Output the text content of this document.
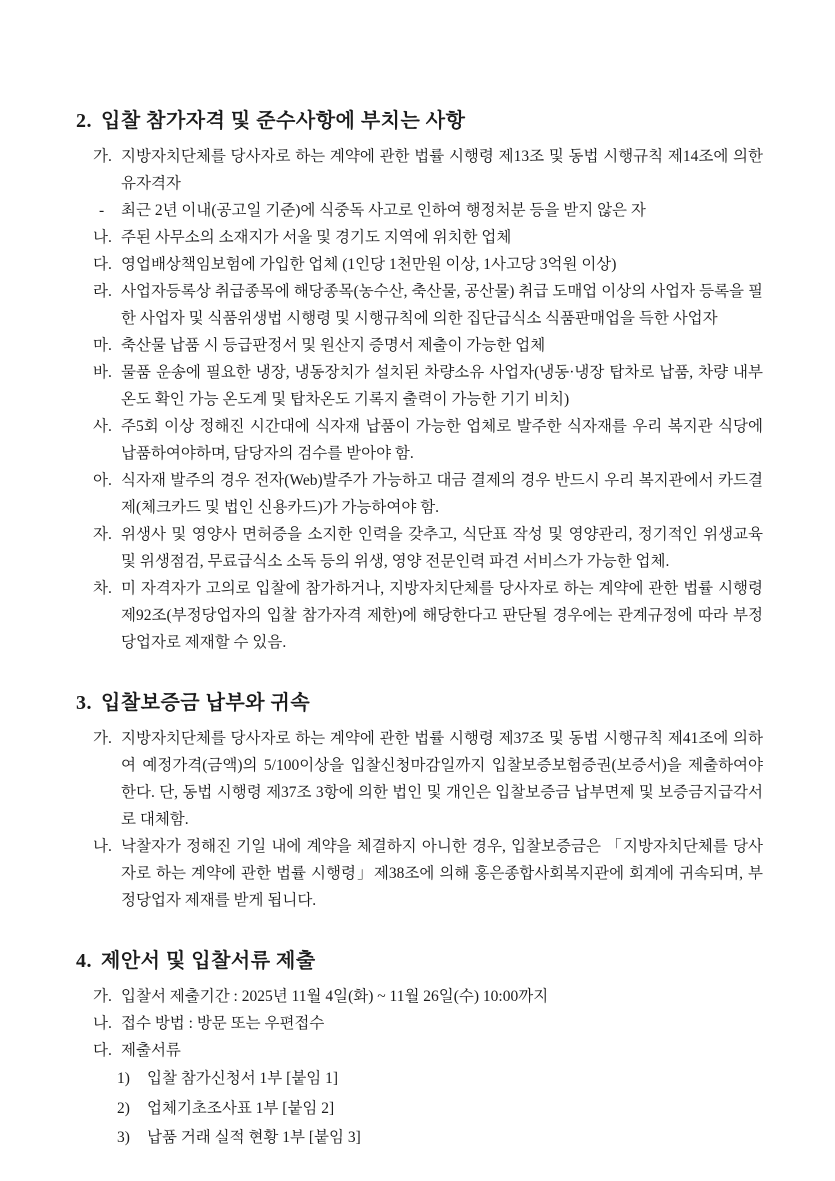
2. 입찰 참가자격 및 준수사항에 부치는 사항
가. 지방자치단체를 당사자로 하는 계약에 관한 법률 시행령 제13조 및 동법 시행규칙 제14조에 의한 유자격자
-	최근 2년 이내(공고일 기준)에 식중독 사고로 인하여 행정처분 등을 받지 않은 자
나. 주된 사무소의 소재지가 서울 및 경기도 지역에 위치한 업체
다. 영업배상책임보험에 가입한 업체 (1인당 1천만원 이상, 1사고당 3억원 이상)
라. 사업자등록상 취급종목에 해당종목(농수산, 축산물, 공산물) 취급 도매업 이상의 사업자 등록을 필한 사업자 및 식품위생법 시행령 및 시행규칙에 의한 집단급식소 식품판매업을 득한 사업자
마. 축산물 납품 시 등급판정서 및 원산지 증명서 제출이 가능한 업체
바. 물품 운송에 필요한 냉장, 냉동장치가 설치된 차량소유 사업자(냉동·냉장 탑차로 납품, 차량 내부 온도 확인 가능 온도계 및 탑차온도 기록지 출력이 가능한 기기 비치)
사. 주5회 이상 정해진 시간대에 식자재 납품이 가능한 업체로 발주한 식자재를 우리 복지관 식당에 납품하여야하며, 담당자의 검수를 받아야 함.
아. 식자재 발주의 경우 전자(Web)발주가 가능하고 대금 결제의 경우 반드시 우리 복지관에서 카드결제(체크카드 및 법인 신용카드)가 가능하여야 함.
자. 위생사 및 영양사 면허증을 소지한 인력을 갖추고, 식단표 작성 및 영양관리, 정기적인 위생교육 및 위생점검, 무료급식소 소독 등의 위생, 영양 전문인력 파견 서비스가 가능한 업체.
차. 미 자격자가 고의로 입찰에 참가하거나, 지방자치단체를 당사자로 하는 계약에 관한 법률 시행령 제92조(부정당업자의 입찰 참가자격 제한)에 해당한다고 판단될 경우에는 관계규정에 따라 부정당업자로 제재할 수 있음.
3. 입찰보증금 납부와 귀속
가. 지방자치단체를 당사자로 하는 계약에 관한 법률 시행령 제37조 및 동법 시행규칙 제41조에 의하여 예정가격(금액)의 5/100이상을 입찰신청마감일까지 입찰보증보험증권(보증서)을 제출하여야 한다. 단, 동법 시행령 제37조 3항에 의한 법인 및 개인은 입찰보증금 납부면제 및 보증금지급각서로 대체함.
나. 낙찰자가 정해진 기일 내에 계약을 체결하지 아니한 경우, 입찰보증금은 「지방자치단체를 당사자로 하는 계약에 관한 법률 시행령」제38조에 의해 홍은종합사회복지관에 회계에 귀속되며, 부정당업자 제재를 받게 됩니다.
4. 제안서 및 입찰서류 제출
가. 입찰서 제출기간 : 2025년 11월 4일(화) ~ 11월 26일(수) 10:00까지
나. 접수 방법 : 방문 또는 우편접수
다. 제출서류
1)	입찰 참가신청서 1부 [붙임 1]
2)	업체기초조사표 1부 [붙임 2]
3)	납품 거래 실적 현황 1부 [붙임 3]
